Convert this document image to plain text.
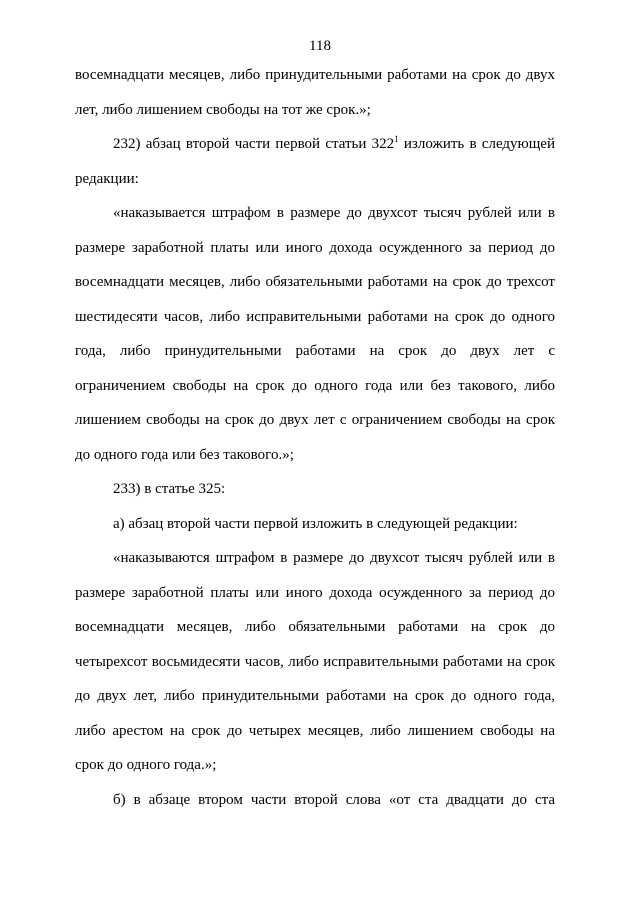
118
восемнадцати месяцев, либо принудительными работами на срок до двух
лет, либо лишением свободы на тот же срок.»;
232) абзац второй части первой статьи $322^1$ изложить в следующей
редакции:
«наказывается штрафом в размере до двухсот тысяч рублей или в
размере заработной платы или иного дохода осужденного за период до
восемнадцати месяцев, либо обязательными работами на срок до трехсот
шестидесяти часов, либо исправительными работами на срок до одного
года, либо принудительными работами на срок до двух лет с
ограничением свободы на срок до одного года или без такового, либо
лишением свободы на срок до двух лет с ограничением свободы на срок
до одного года или без такового.»;
233) в статье 325:
а) абзац второй части первой изложить в следующей редакции:
«наказываются штрафом в размере до двухсот тысяч рублей или в
размере заработной платы или иного дохода осужденного за период до
восемнадцати месяцев, либо обязательными работами на срок до
четырехсот восьмидесяти часов, либо исправительными работами на срок
до двух лет, либо принудительными работами на срок до одного года,
либо арестом на срок до четырех месяцев, либо лишением свободы на
срок до одного года.»;
б) в абзаце втором части второй слова «от ста двадцати до ста
